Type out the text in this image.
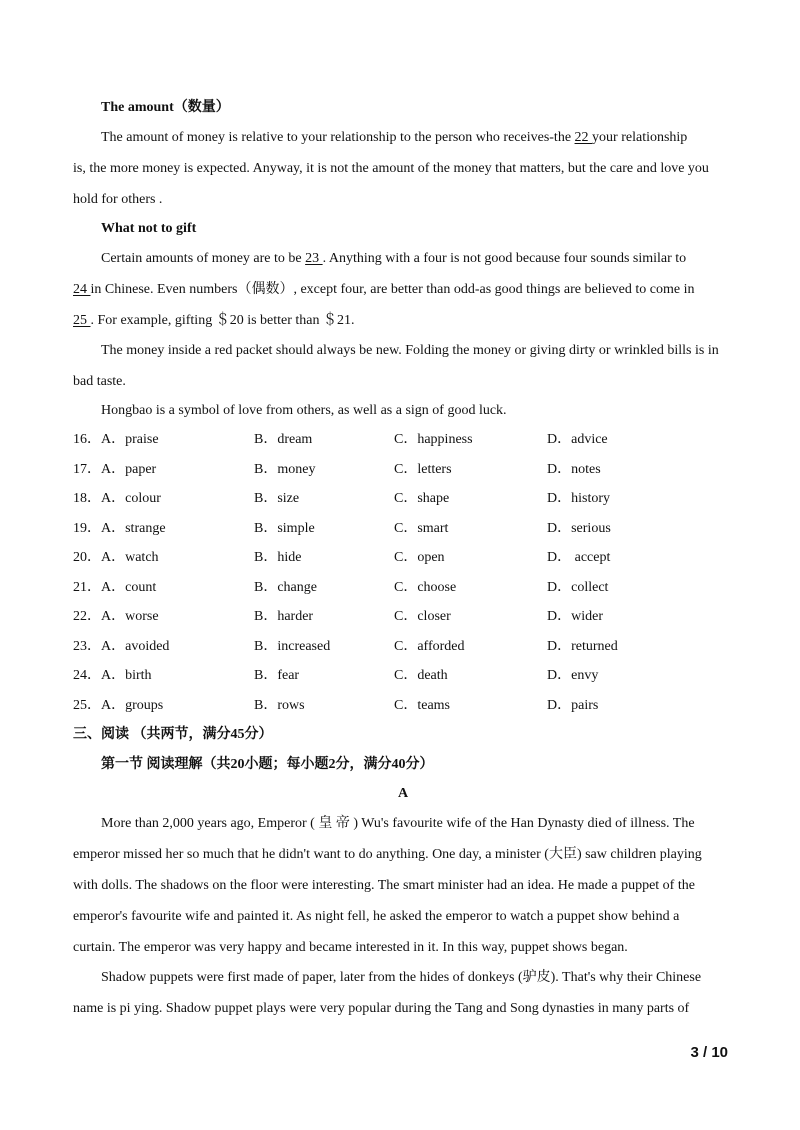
The amount（数量）
The amount of money is relative to your relationship to the person who receives-the 22 your relationship
is, the more money is expected. Anyway, it is not the amount of the money that matters, but the care and love you
hold for others .
What not to gift
Certain amounts of money are to be 23 . Anything with a four is not good because four sounds similar to
24 in Chinese. Even numbers（偶数）, except four, are better than odd-as good things are believed to come in
25 . For example, gifting ＄20 is better than ＄21.
The money inside a red packet should always be new. Folding the money or giving dirty or wrinkled bills is in
bad taste.
Hongbao is a symbol of love from others, as well as a sign of good luck.
16． A．praise	B．dream	C．happiness	D．advice
17． A．paper	B．money	C．letters	D．notes
18． A．colour	B．size	C．shape	D．history
19． A．strange	B．simple	C．smart	D．serious
20． A．watch	B．hide	C．open	D． accept
21． A．count	B．change	C．choose	D．collect
22． A．worse	B．harder	C．closer	D．wider
23． A．avoided	B．increased	C．afforded	D．returned
24． A．birth	B．fear	C．death	D．envy
25． A．groups	B．rows	C．teams	D．pairs
三、阅读 （共两节，满分45分）
第一节 阅读理解（共20小题；每小题2分，满分40分）
A
More than 2,000 years ago, Emperor ( 皇 帝 ) Wu's favourite wife of the Han Dynasty died of illness. The
emperor missed her so much that he didn't want to do anything. One day, a minister (大臣) saw children playing
with dolls. The shadows on the floor were interesting. The smart minister had an idea. He made a puppet of the
emperor's favourite wife and painted it. As night fell, he asked the emperor to watch a puppet show behind a
curtain. The emperor was very happy and became interested in it. In this way, puppet shows began.
Shadow puppets were first made of paper, later from the hides of donkeys (驴皮). That's why their Chinese
name is pi ying. Shadow puppet plays were very popular during the Tang and Song dynasties in many parts of
3 / 10
